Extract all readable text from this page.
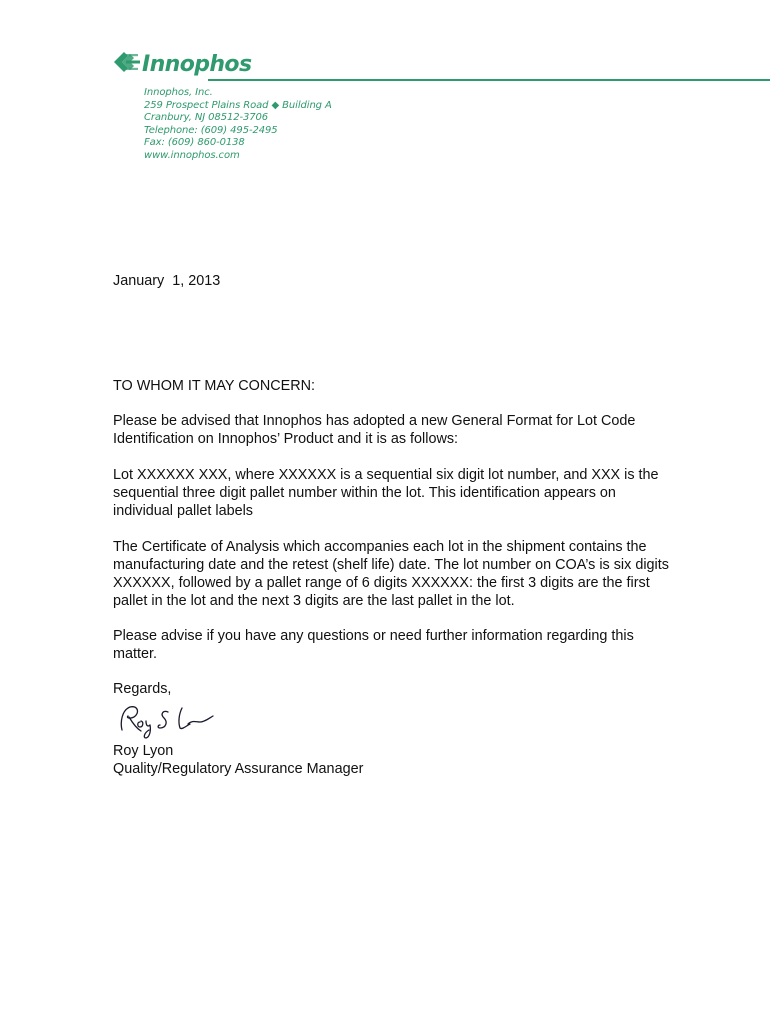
Innophos
Innophos, Inc.
259 Prospect Plains Road ◆ Building A
Cranbury, NJ 08512-3706
Telephone: (609) 495-2495
Fax: (609) 860-0138
www.innophos.com
January  1, 2013
TO WHOM IT MAY CONCERN:
Please be advised that Innophos has adopted a new General Format for Lot Code Identification on Innophos’ Product and it is as follows:
Lot XXXXXX XXX, where XXXXXX is a sequential six digit lot number, and XXX is the sequential three digit pallet number within the lot. This identification appears on individual pallet labels
The Certificate of Analysis which accompanies each lot in the shipment contains the manufacturing date and the retest (shelf life) date. The lot number on COA’s is six digits XXXXXX, followed by a pallet range of 6 digits XXXXXX: the first 3 digits are the first pallet in the lot and the next 3 digits are the last pallet in the lot.
Please advise if you have any questions or need further information regarding this matter.
Regards,
Roy Lyon
Quality/Regulatory Assurance Manager
